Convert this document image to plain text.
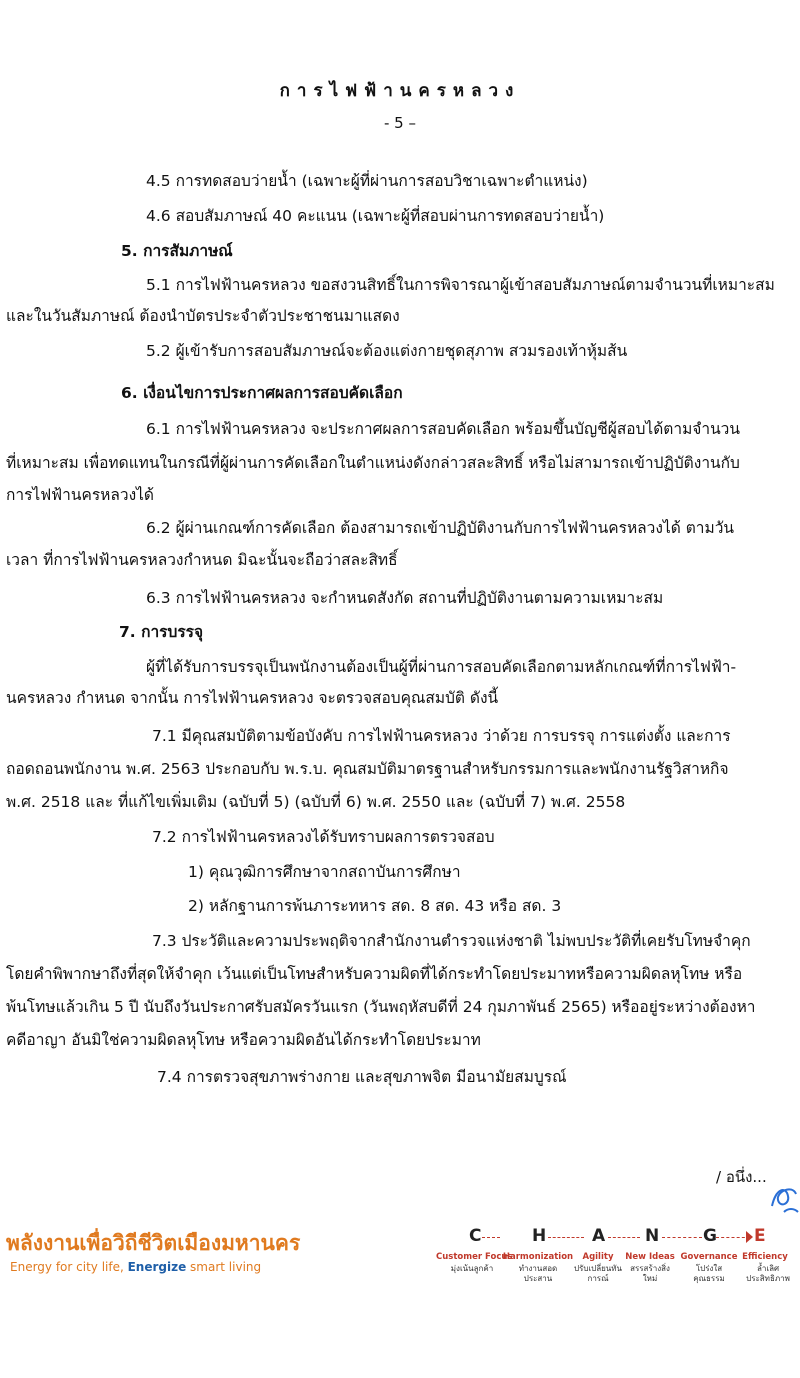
การไฟฟ้านครหลวง
- 5 –
4.5 การทดสอบว่ายน้ำ (เฉพาะผู้ที่ผ่านการสอบวิชาเฉพาะตำแหน่ง)
4.6 สอบสัมภาษณ์ 40 คะแนน (เฉพาะผู้ที่สอบผ่านการทดสอบว่ายน้ำ)
5. การสัมภาษณ์
5.1 การไฟฟ้านครหลวง ขอสงวนสิทธิ์ในการพิจารณาผู้เข้าสอบสัมภาษณ์ตามจำนวนที่เหมาะสม
และในวันสัมภาษณ์ ต้องนำบัตรประจำตัวประชาชนมาแสดง
5.2 ผู้เข้ารับการสอบสัมภาษณ์จะต้องแต่งกายชุดสุภาพ สวมรองเท้าหุ้มส้น
6. เงื่อนไขการประกาศผลการสอบคัดเลือก
6.1 การไฟฟ้านครหลวง จะประกาศผลการสอบคัดเลือก พร้อมขึ้นบัญชีผู้สอบได้ตามจำนวน
ที่เหมาะสม เพื่อทดแทนในกรณีที่ผู้ผ่านการคัดเลือกในตำแหน่งดังกล่าวสละสิทธิ์ หรือไม่สามารถเข้าปฏิบัติงานกับ
การไฟฟ้านครหลวงได้
6.2 ผู้ผ่านเกณฑ์การคัดเลือก ต้องสามารถเข้าปฏิบัติงานกับการไฟฟ้านครหลวงได้ ตามวัน
เวลา ที่การไฟฟ้านครหลวงกำหนด มิฉะนั้นจะถือว่าสละสิทธิ์
6.3 การไฟฟ้านครหลวง จะกำหนดสังกัด สถานที่ปฏิบัติงานตามความเหมาะสม
7. การบรรจุ
ผู้ที่ได้รับการบรรจุเป็นพนักงานต้องเป็นผู้ที่ผ่านการสอบคัดเลือกตามหลักเกณฑ์ที่การไฟฟ้า-
นครหลวง กำหนด จากนั้น การไฟฟ้านครหลวง จะตรวจสอบคุณสมบัติ ดังนี้
7.1 มีคุณสมบัติตามข้อบังคับ การไฟฟ้านครหลวง ว่าด้วย การบรรจุ การแต่งตั้ง และการ
ถอดถอนพนักงาน พ.ศ. 2563 ประกอบกับ พ.ร.บ. คุณสมบัติมาตรฐานสำหรับกรรมการและพนักงานรัฐวิสาหกิจ
พ.ศ. 2518 และ ที่แก้ไขเพิ่มเติม (ฉบับที่ 5) (ฉบับที่ 6) พ.ศ. 2550 และ (ฉบับที่ 7) พ.ศ. 2558
7.2 การไฟฟ้านครหลวงได้รับทราบผลการตรวจสอบ
1) คุณวุฒิการศึกษาจากสถาบันการศึกษา
2) หลักฐานการพ้นภาระทหาร สด. 8 สด. 43 หรือ สด. 3
7.3 ประวัติและความประพฤติจากสำนักงานตำรวจแห่งชาติ ไม่พบประวัติที่เคยรับโทษจำคุก
โดยคำพิพากษาถึงที่สุดให้จำคุก เว้นแต่เป็นโทษสำหรับความผิดที่ได้กระทำโดยประมาทหรือความผิดลหุโทษ หรือ
พ้นโทษแล้วเกิน 5 ปี นับถึงวันประกาศรับสมัครวันแรก (วันพฤหัสบดีที่ 24 กุมภาพันธ์ 2565) หรืออยู่ระหว่างต้องหา
คดีอาญา อันมิใช่ความผิดลหุโทษ หรือความผิดอันได้กระทำโดยประมาท
7.4 การตรวจสุขภาพร่างกาย และสุขภาพจิต มีอนามัยสมบูรณ์
/ อนึ่ง...
พลังงานเพื่อวิถีชีวิตเมืองมหานคร
Energy for city life, Energize smart living
C	H	A N	G E
Customer Focus
Harmonization	Agility	New Ideas Governance Efficiency
มุ่งเน้นลูกค้า	ทำงานสอดประสาน
ปรับเปลี่ยนทันการณ์
สรรสร้างสิ่งใหม่
โปร่งใสคุณธรรม
ล้ำเลิศประสิทธิภาพ
